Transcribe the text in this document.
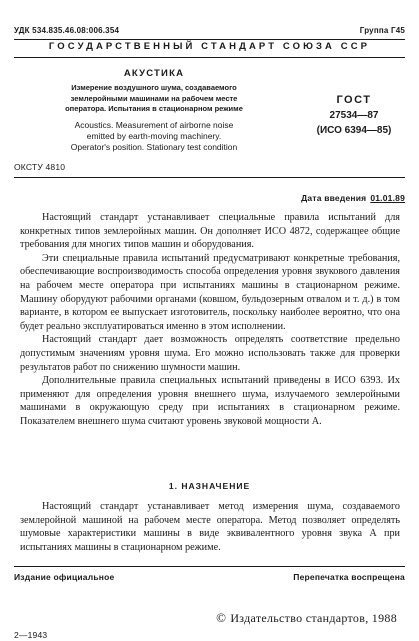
УДК 534.835.46.08:006.354	Группа Г45
ГОСУДАРСТВЕННЫЙ СТАНДАРТ СОЮЗА ССР
АКУСТИКА
Измерение воздушного шума, создаваемого
землеройными машинами на рабочем месте
оператора. Испытания в стационарном режиме
Acoustics. Measurement of airborne noise
emitted by earth-moving machinery.
Operator's position. Stationary test condition
ГОСТ
27534—87
(ИСО 6394—85)
ОКСТУ 4810
Дата введения 01.01.89

Настоящий стандарт устанавливает специальные правила испытаний для конкретных типов землеройных машин. Он дополняет ИСО 4872, содержащее общие требования для многих типов машин и оборудования.

Эти специальные правила испытаний предусматривают конкретные требования, обеспечивающие воспроизводимость способа определения уровня звукового давления на рабочем месте оператора при испытаниях машины в стационарном режиме. Машину оборудуют рабочими органами (ковшом, бульдозерным отвалом и т. д.) в том варианте, в котором ее выпускает изготовитель, поскольку наиболее вероятно, что она будет реально эксплуатироваться именно в этом исполнении.

Настоящий стандарт дает возможность определять соответствие предельно допустимым значениям уровня шума. Его можно использовать также для проверки результатов работ по снижению шумности машин.

Дополнительные правила специальных испытаний приведены в ИСО 6393. Их применяют для определения уровня внешнего шума, излучаемого землеройными машинами в окружающую среду при испытаниях в стационарном режиме. Показателем внешнего шума считают уровень звуковой мощности А.

1. НАЗНАЧЕНИЕ

Настоящий стандарт устанавливает метод измерения шума, создаваемого землеройной машиной на рабочем месте оператора. Метод позволяет определять шумовые характеристики машины в виде эквивалентного уровня звука А при испытаниях машины в стационарном режиме.

Издание официальное	Перепечатка воспрещена
© Издательство стандартов, 1988
2—1943
